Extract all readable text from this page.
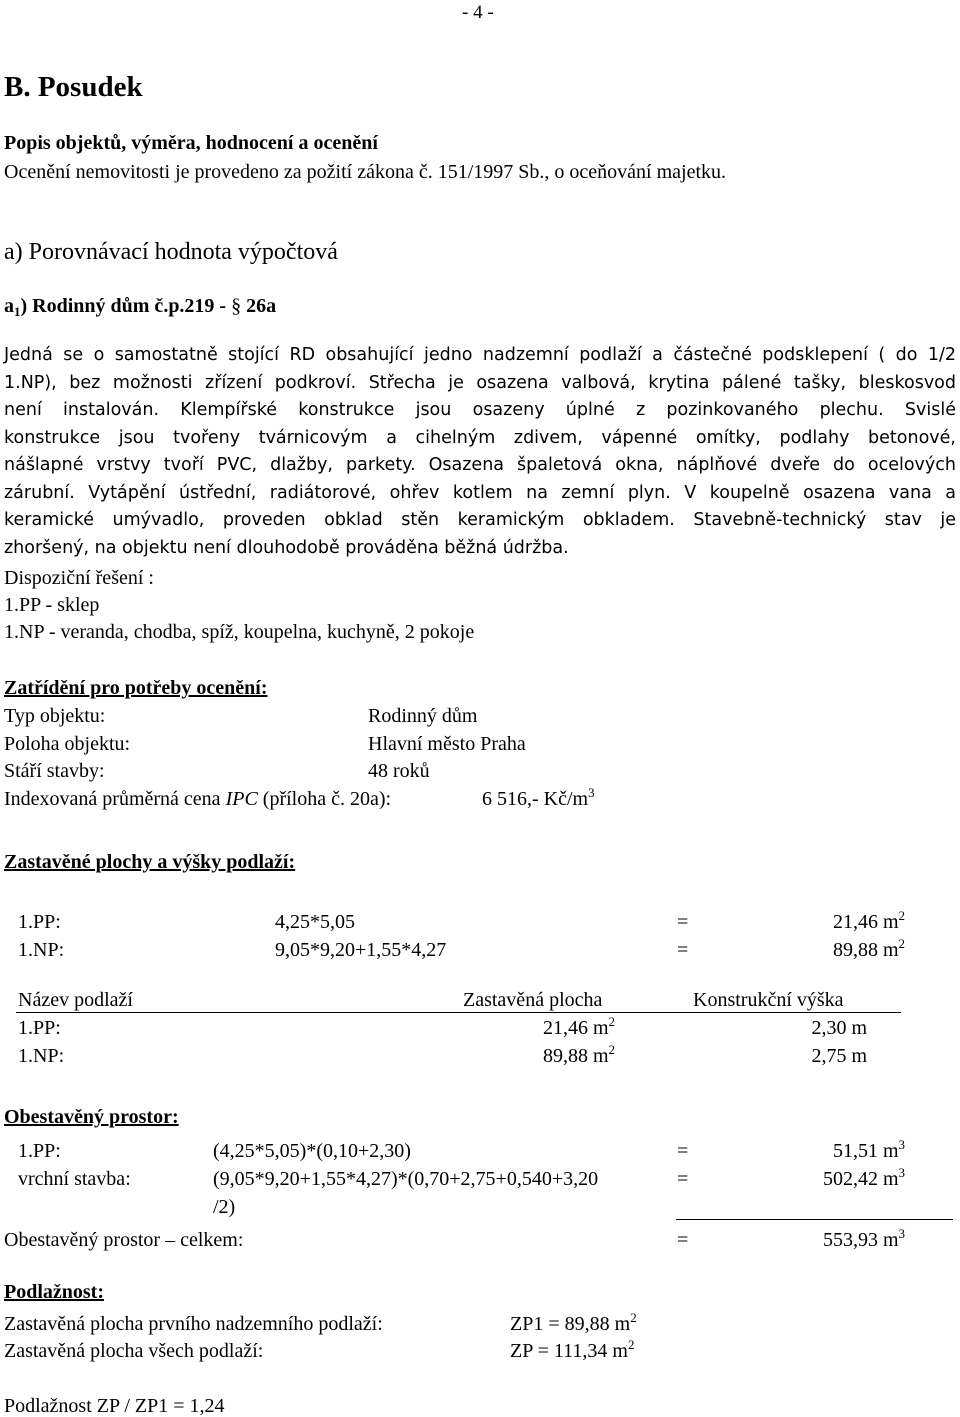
- 4 -
B. Posudek
Popis objektů, výměra, hodnocení a ocenění
Ocenění nemovitosti je provedeno za požití zákona č. 151/1997 Sb., o oceňování majetku.
a) Porovnávací hodnota výpočtová
$a_1$) Rodinný dům č.p.219 - § 26a
Jedná se o samostatně stojící RD obsahující jedno nadzemní podlaží a částečné podsklepení ( do 1/2
1.NP), bez možnosti zřízení podkroví. Střecha je osazena valbová, krytina pálené tašky, bleskosvod
není instalován. Klempířské konstrukce jsou osazeny úplné z pozinkovaného plechu. Svislé
konstrukce jsou tvořeny tvárnicovým a cihelným zdivem, vápenné omítky, podlahy betonové,
nášlapné vrstvy tvoří PVC, dlažby, parkety. Osazena špaletová okna, náplňové dveře do ocelových
zárubní. Vytápění ústřední, radiátorové, ohřev kotlem na zemní plyn. V koupelně osazena vana a
keramické umývadlo, proveden obklad stěn keramickým obkladem. Stavebně-technický stav je
zhoršený, na objektu není dlouhodobě prováděna běžná údržba.
Dispoziční řešení :
1.PP - sklep
1.NP - veranda, chodba, spíž, koupelna, kuchyně, 2 pokoje
Zatřídění pro potřeby ocenění:
Typ objektu:	Rodinný dům
Poloha objektu:	Hlavní město Praha
Stáří stavby:	48 roků
Indexovaná průměrná cena IPC (příloha č. 20a):	6 516,- $Kč/m^3$
Zastavěné plochy a výšky podlaží:
1.PP:	4,25*5,05	=	21,46 $m^2$
1.NP:	9,05*9,20+1,55*4,27	=	89,88 $m^2$
Název podlaží	Zastavěná plocha	Konstrukční výška
1.PP:	21,46 $m^2$	2,30 m
1.NP:	89,88 $m^2$	2,75 m
Obestavěný prostor:
1.PP:	(4,25*5,05)*(0,10+2,30)	=	51,51 $m^3$
vrchní stavba:	(9,05*9,20+1,55*4,27)*(0,70+2,75+0,540+3,20	=	502,42 $m^3$
/2)
Obestavěný prostor – celkem:	=	553,93 $m^3$
Podlažnost:
Zastavěná plocha prvního nadzemního podlaží:	ZP1 = 89,88 $m^2$
Zastavěná plocha všech podlaží:	ZP = 111,34 $m^2$
Podlažnost ZP / ZP1 = 1,24
